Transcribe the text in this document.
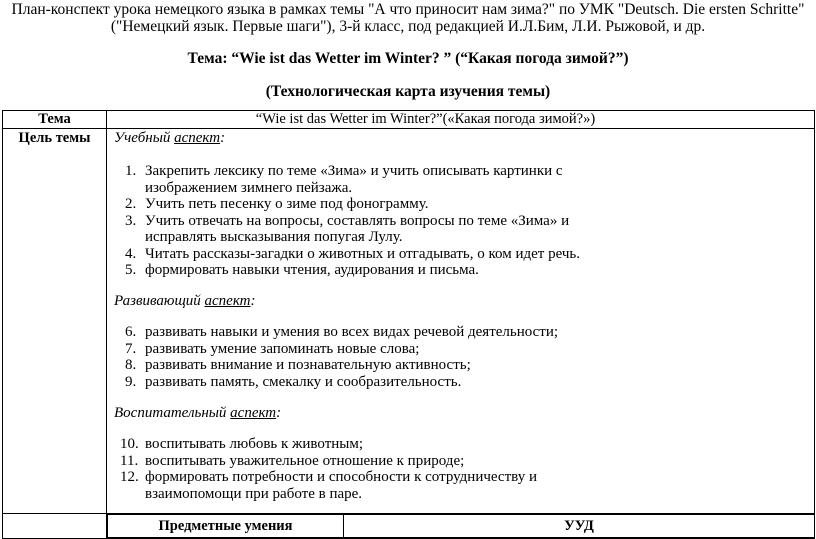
План-конспект урока немецкого языка в рамках темы "А что приносит нам зима?" по УМК "Deutsch. Die ersten Schritte"
("Немецкий язык. Первые шаги"), 3-й класс, под редакцией И.Л.Бим, Л.И. Рыжовой, и др.
Тема: “Wie ist das Wetter im Winter? ” (“Какая погода зимой?”)
(Технологическая карта изучения темы)
Тема	“Wie ist das Wetter im Winter?”(«Какая погода зимой?»)
Цель темы	Учебный аспект:
1. Закрепить лексику по теме «Зима» и учить описывать картинки с
изображением зимнего пейзажа.
2. Учить петь песенку о зиме под фонограмму.
3. Учить отвечать на вопросы, составлять вопросы по теме «Зима» и
исправлять высказывания попугая Лулу.
4. Читать рассказы-загадки о животных и отгадывать, о ком идет речь.
5. формировать навыки чтения, аудирования и письма.
Развивающий аспект:
6. развивать навыки и умения во всех видах речевой деятельности;
7. развивать умение запоминать новые слова;
8. развивать внимание и познавательную активность;
9. развивать память, смекалку и сообразительность.
Воспитательный аспект:
10. воспитывать любовь к животным;
11. воспитывать уважительное отношение к природе;
12. формировать потребности и способности к сотрудничеству и
взаимопомощи при работе в паре.

Предметные умения	УУД
